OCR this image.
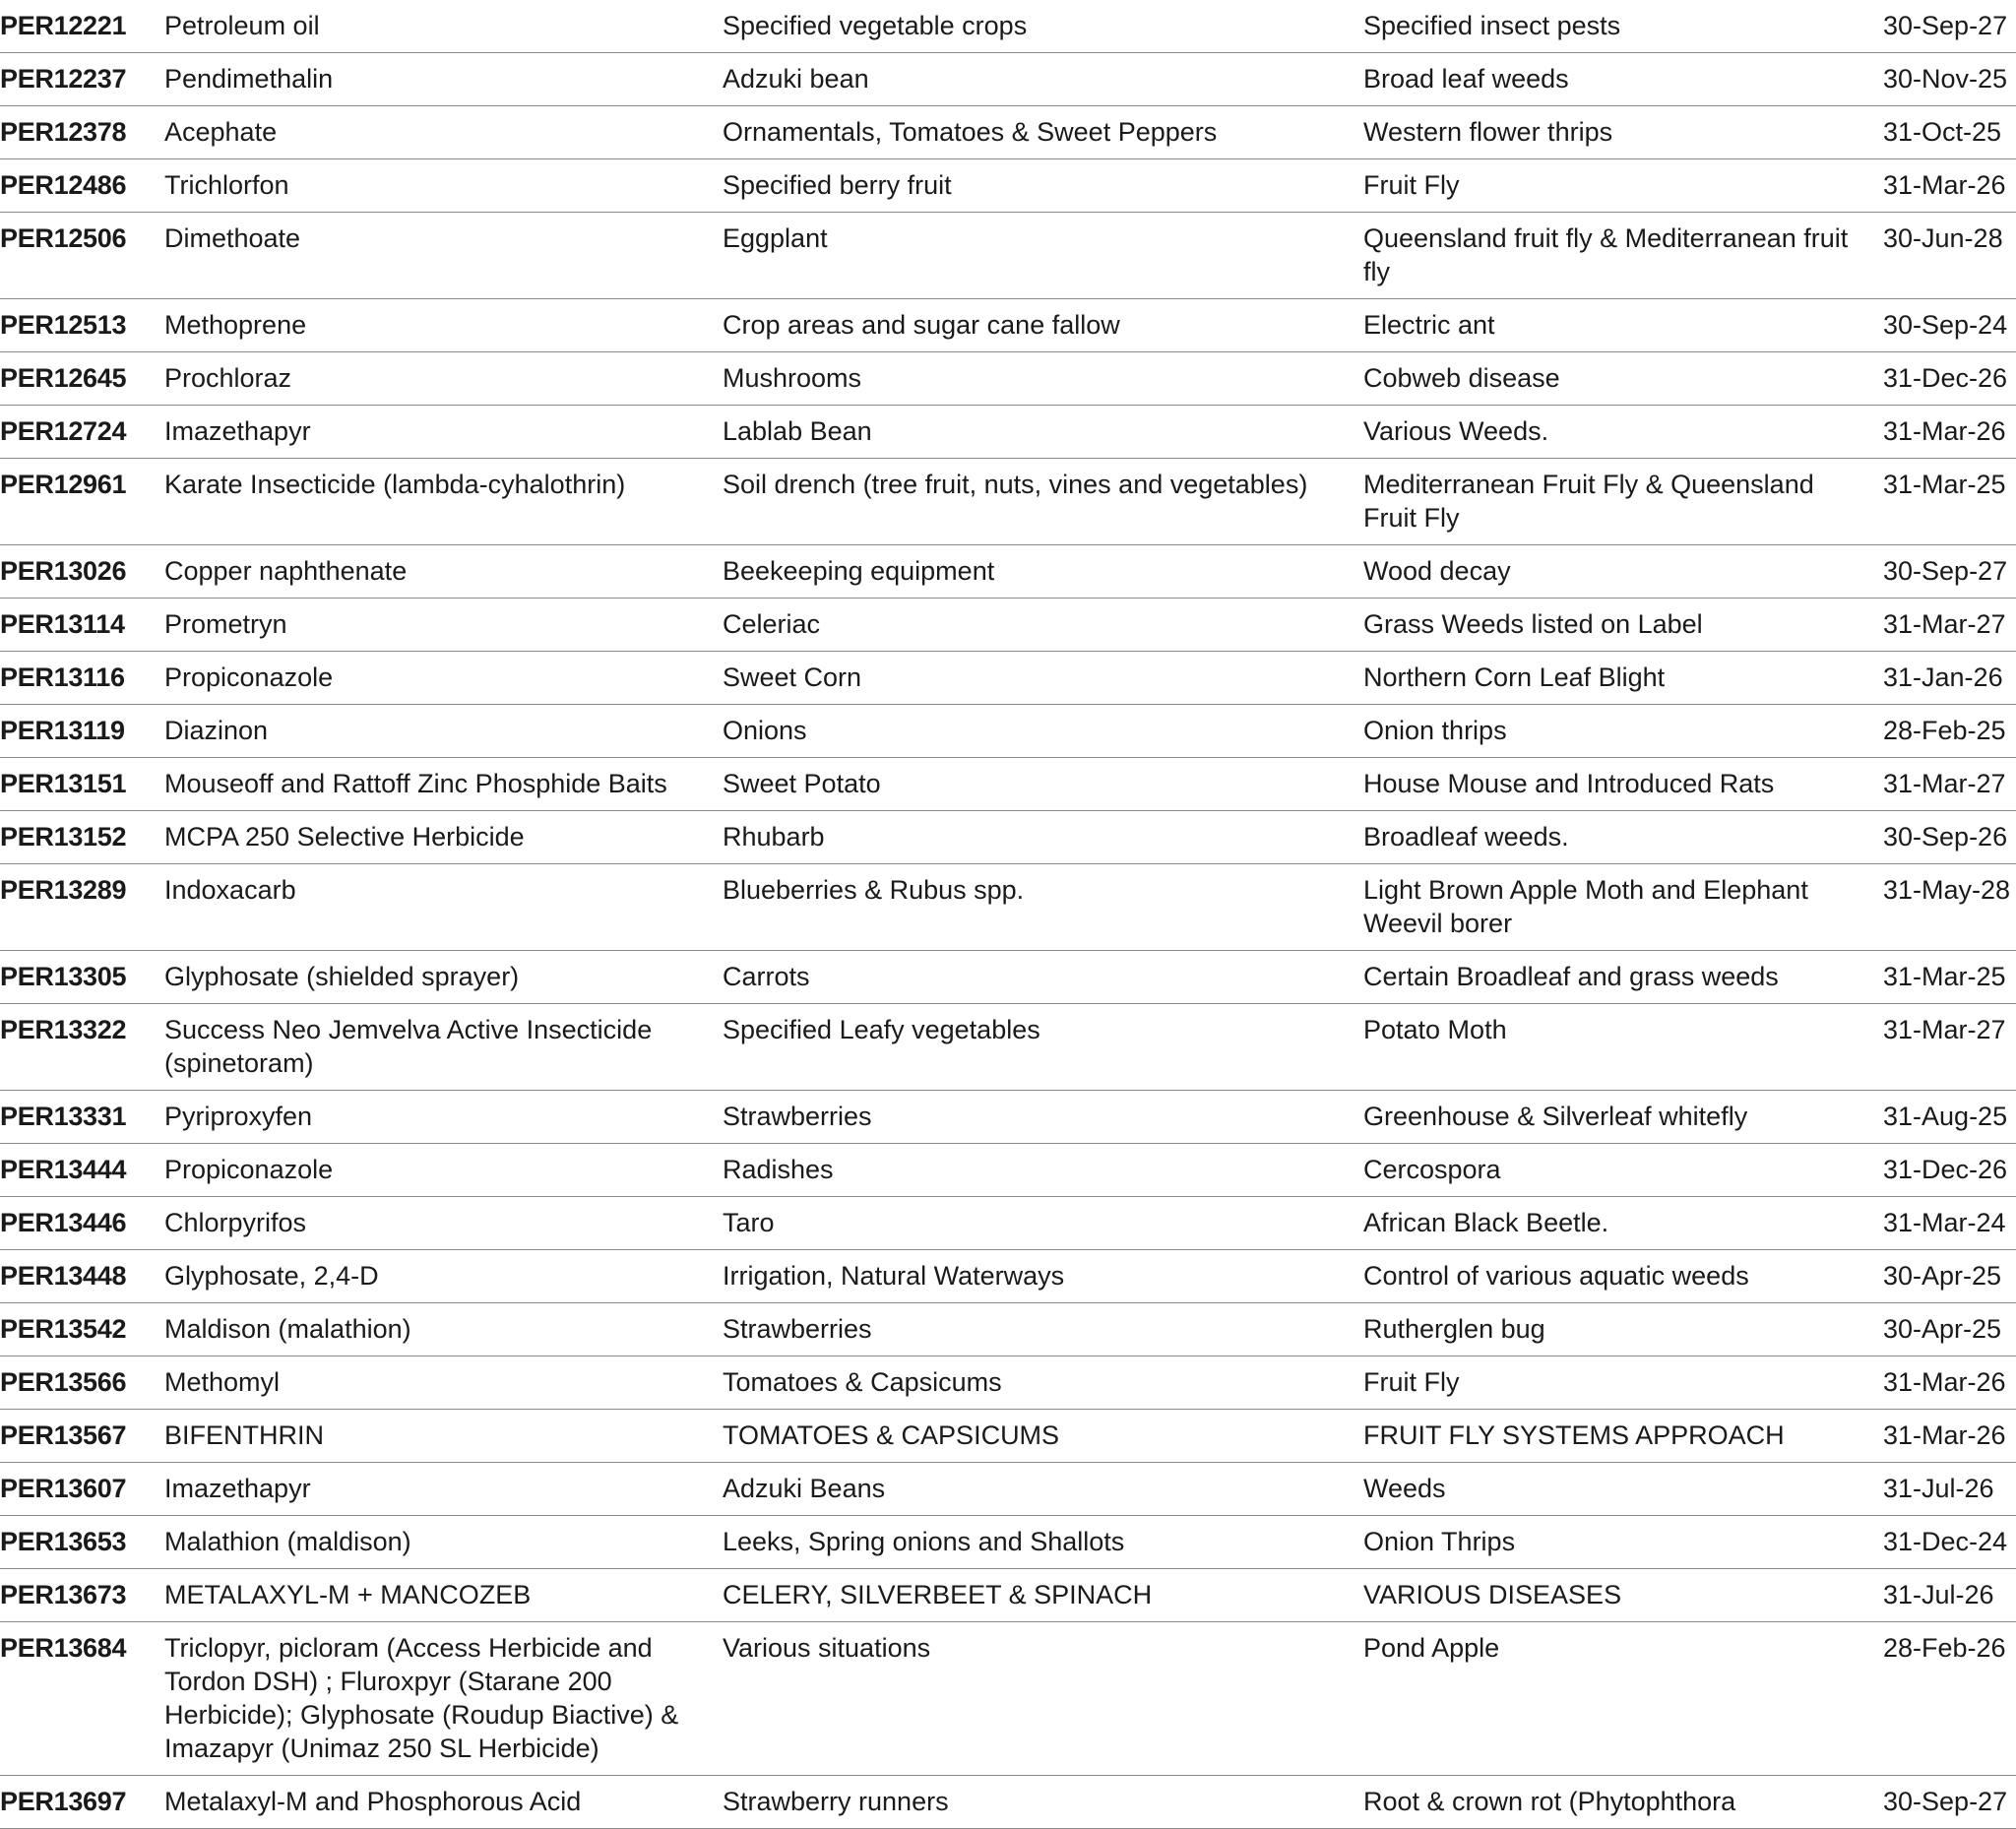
PER12221	Petroleum oil	Specified vegetable crops	Specified insect pests	30-Sep-27
PER12237	Pendimethalin	Adzuki bean	Broad leaf weeds	30-Nov-25
PER12378	Acephate	Ornamentals, Tomatoes & Sweet Peppers	Western flower thrips	31-Oct-25
PER12486	Trichlorfon	Specified berry fruit	Fruit Fly	31-Mar-26
PER12506	Dimethoate	Eggplant	Queensland fruit fly & Mediterranean fruit fly	30-Jun-28
PER12513	Methoprene	Crop areas and sugar cane fallow	Electric ant	30-Sep-24
PER12645	Prochloraz	Mushrooms	Cobweb disease	31-Dec-26
PER12724	Imazethapyr	Lablab Bean	Various Weeds.	31-Mar-26
PER12961	Karate Insecticide (lambda-cyhalothrin)	Soil drench (tree fruit, nuts, vines and vegetables)	Mediterranean Fruit Fly & Queensland Fruit Fly	31-Mar-25
PER13026	Copper naphthenate	Beekeeping equipment	Wood decay	30-Sep-27
PER13114	Prometryn	Celeriac	Grass Weeds listed on Label	31-Mar-27
PER13116	Propiconazole	Sweet Corn	Northern Corn Leaf Blight	31-Jan-26
PER13119	Diazinon	Onions	Onion thrips	28-Feb-25
PER13151	Mouseoff and Rattoff Zinc Phosphide Baits	Sweet Potato	House Mouse and Introduced Rats	31-Mar-27
PER13152	MCPA 250 Selective Herbicide	Rhubarb	Broadleaf weeds.	30-Sep-26
PER13289	Indoxacarb	Blueberries & Rubus spp.	Light Brown Apple Moth and Elephant Weevil borer	31-May-28
PER13305	Glyphosate (shielded sprayer)	Carrots	Certain Broadleaf and grass weeds	31-Mar-25
PER13322	Success Neo Jemvelva Active Insecticide (spinetoram)	Specified Leafy vegetables	Potato Moth	31-Mar-27
PER13331	Pyriproxyfen	Strawberries	Greenhouse & Silverleaf whitefly	31-Aug-25
PER13444	Propiconazole	Radishes	Cercospora	31-Dec-26
PER13446	Chlorpyrifos	Taro	African Black Beetle.	31-Mar-24
PER13448	Glyphosate, 2,4-D	Irrigation, Natural Waterways	Control of various aquatic weeds	30-Apr-25
PER13542	Maldison (malathion)	Strawberries	Rutherglen bug	30-Apr-25
PER13566	Methomyl	Tomatoes & Capsicums	Fruit Fly	31-Mar-26
PER13567	BIFENTHRIN	TOMATOES & CAPSICUMS	FRUIT FLY SYSTEMS APPROACH	31-Mar-26
PER13607	Imazethapyr	Adzuki Beans	Weeds	31-Jul-26
PER13653	Malathion (maldison)	Leeks, Spring onions and Shallots	Onion Thrips	31-Dec-24
PER13673	METALAXYL-M + MANCOZEB	CELERY, SILVERBEET & SPINACH	VARIOUS DISEASES	31-Jul-26
PER13684	Triclopyr, picloram (Access Herbicide and Tordon DSH) ; Fluroxpyr (Starane 200 Herbicide); Glyphosate (Roudup Biactive) & Imazapyr (Unimaz 250 SL Herbicide)	Various situations	Pond Apple	28-Feb-26
PER13697	Metalaxyl-M and Phosphorous Acid	Strawberry runners	Root & crown rot (Phytophthora	30-Sep-27
